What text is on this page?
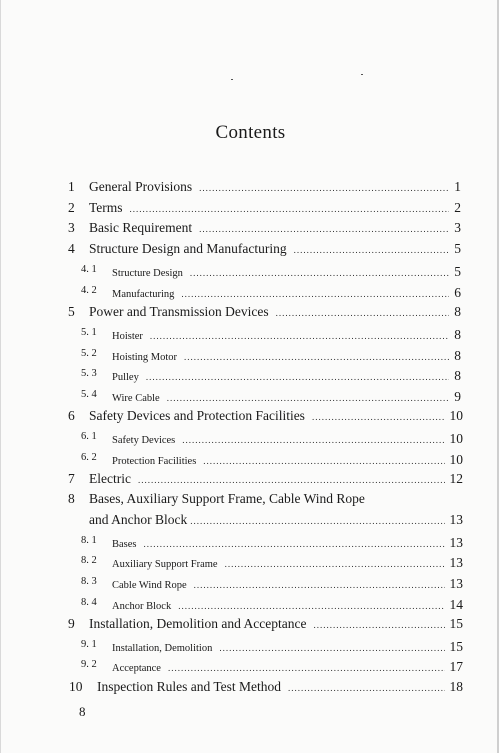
Contents
1 General Provisions .....	1
2 Terms .....	2
3 Basic Requirement .....	3
4 Structure Design and Manufacturing .....	5
4. 1 Structure Design .....	5
4. 2 Manufacturing .....	6
5 Power and Transmission Devices .....	8
5. 1 Hoister .....	8
5. 2 Hoisting Motor .....	8
5. 3 Pulley .....	8
5. 4 Wire Cable .....	9
6 Safety Devices and Protection Facilities .....	10
6. 1 Safety Devices .....	10
6. 2 Protection Facilities .....	10
7 Electric .....	12
8 Bases, Auxiliary Support Frame, Cable Wind Rope
and Anchor Block .....	13
8. 1 Bases .....	13
8. 2 Auxiliary Support Frame .....	13
8. 3 Cable Wind Rope .....	13
8. 4 Anchor Block .....	14
9 Installation, Demolition and Acceptance .....	15
9. 1 Installation, Demolition .....	15
9. 2 Acceptance .....	17
10 Inspection Rules and Test Method .....	18
8
